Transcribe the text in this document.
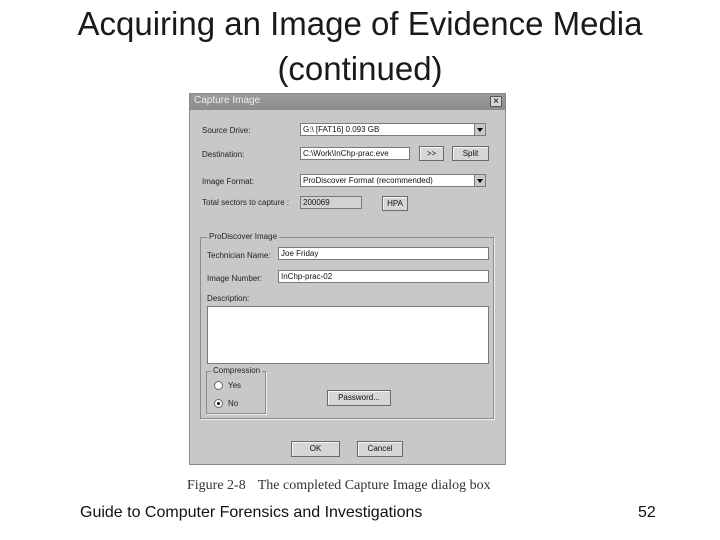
Acquiring an Image of Evidence Media
(continued)
Capture Image	×
Source Drive:	G:\ [FAT16] 0.093 GB
Destination:	C:\Work\InChp-prac.eve	>>	Split
Image Format:	ProDiscover Format (recommended)
Total sectors to capture :	200069	HPA
ProDiscover Image
Technician Name:	Joe Friday
Image Number:	InChp-prac-02
Description:
Compression
Yes
No
Password...
OK	Cancel
Figure 2-8 The completed Capture Image dialog box
Guide to Computer Forensics and Investigations	52
